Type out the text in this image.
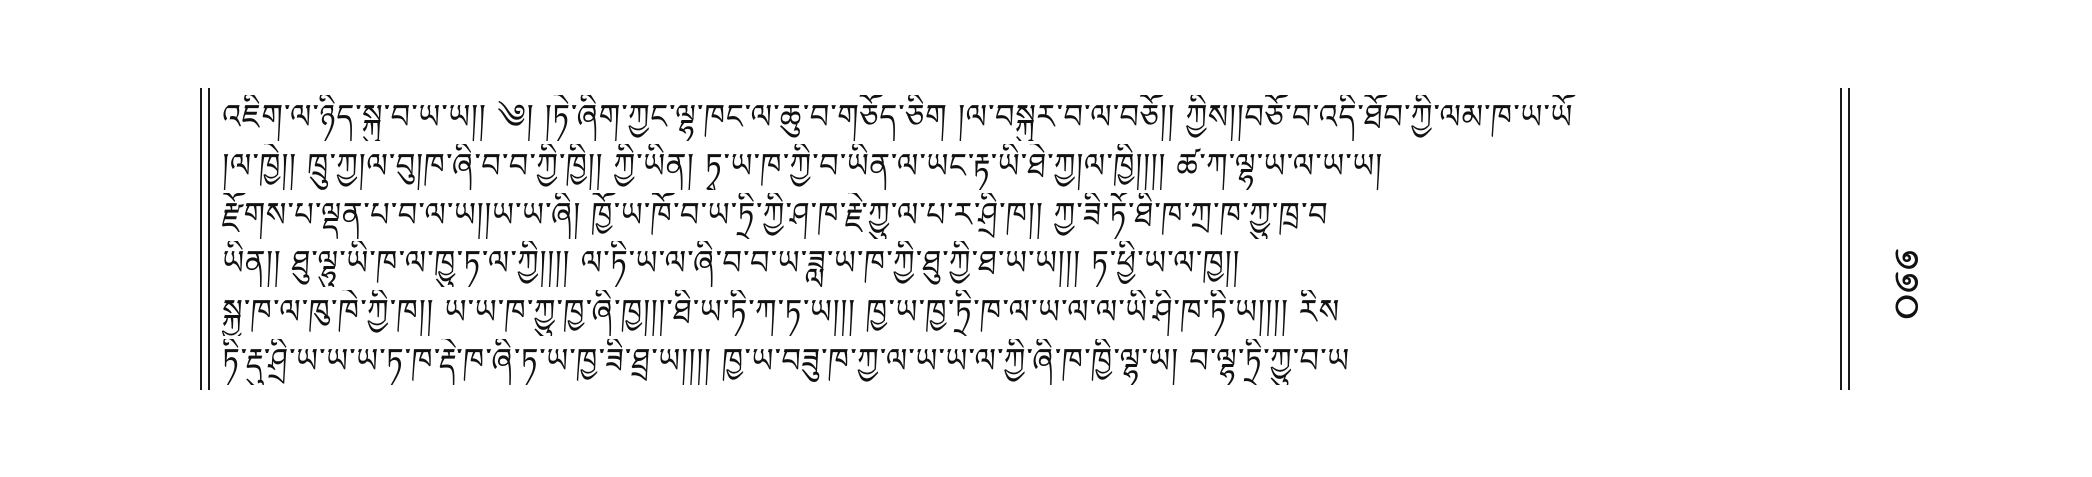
འཇིག་ལ་ཉིད་སྐུ་བ་ཡ་ཡ།། ༄། །ཏེ་ཞིག་ཀྱང་ལྷ་ཁང་ལ་ཆུ་བ་གཅོད་ཅིག །ལ་བསྐུར་བ་ལ་བཅོ།། ཀྱིས།།བཅོ་བ་འདི་ཐོབ་ཀྱི་ལམ་ཁ་ཡ་ཡོ
།ལ་ཁྱེ།། ཁྲུ་ཀྱ།ལ་བུ།ཁ་ཞི་བ་བ་ཀྱི་ཁྱི།། ཀྱི་ཡིན། ཏྭ་ཡ་ཁ་ཀྱི་བ་ཡིན་ལ་ཡང་རྟ་ཡི་ཐེ་ཀྱ།ལ་ཁྱི།།།། ཚ་ཀ་ལྷ་ཡ་ལ་ཡ་ཡ།
རྫོགས་པ་ལྡན་པ་བ་ལ་ཡ།།ཡ་ཡ་ཞི། ཁྱོ་ཡ་ཁོ་བ་ཡ་ཏྲི་ཀྱི་ཤ་ཁ་རྗེ་ཀྱུ་ལ་པ་ར་ཤྲི་ཁ།། ཀྱ་ཟི་ཏོ་ཐི་ཁ་ཀྲ་ཁ་ཀྱུ་ཁྲ་བ
ཡིན།། ཐུ་ལྷུ་ཡི་ཁ་ལ་ཁྱུ་ཏ་ལ་ཀྱི།།།། ལ་ཏི་ཡ་ལ་ཞི་བ་བ་ཡ་ཟླ་ཡ་ཁ་ཀྱི་ཐུ་ཀྱི་ཐ་ཡ་ཡ།།། ཏ་ཕྱི་ཡ་ལ་ཁྱ།།
སྐྱ་ཁ་ལ་ཁུ་ཁེ་ཀྱི་ཁ།། ཡ་ཡ་ཁ་ཀྱུ་ཁྱ་ཞི་ཁྱ།།།་ཐི་ཡ་ཏི་ཀ་ཏ་ཡ།།། ཁྱ་ཡ་ཁྱ་ཏྲི་ཁ་ལ་ཡ་ལ་ལ་ཡི་ཤི་ཁ་ཏི་ཡ།།།། རིས
ཏི་རྡུ་ཤྲི་ཡ་ཡ་ཡ་ཏ་ཁ་རྡེ་ཁ་ཞི་ཏ་ཡ་ཁྱ་ཟི་ཐྲ་ཡ།།།། ཁྱ་ཡ་བཟུ་ཁ་ཀྱ་ལ་ཡ་ཡ་ལ་ཀྱི་ཞི་ཁ་ཁྱི་ལྷ་ཡ། བ་ལྷ་ཏྲི་ཀྱུ་བ་ཡ
୭୭୦
